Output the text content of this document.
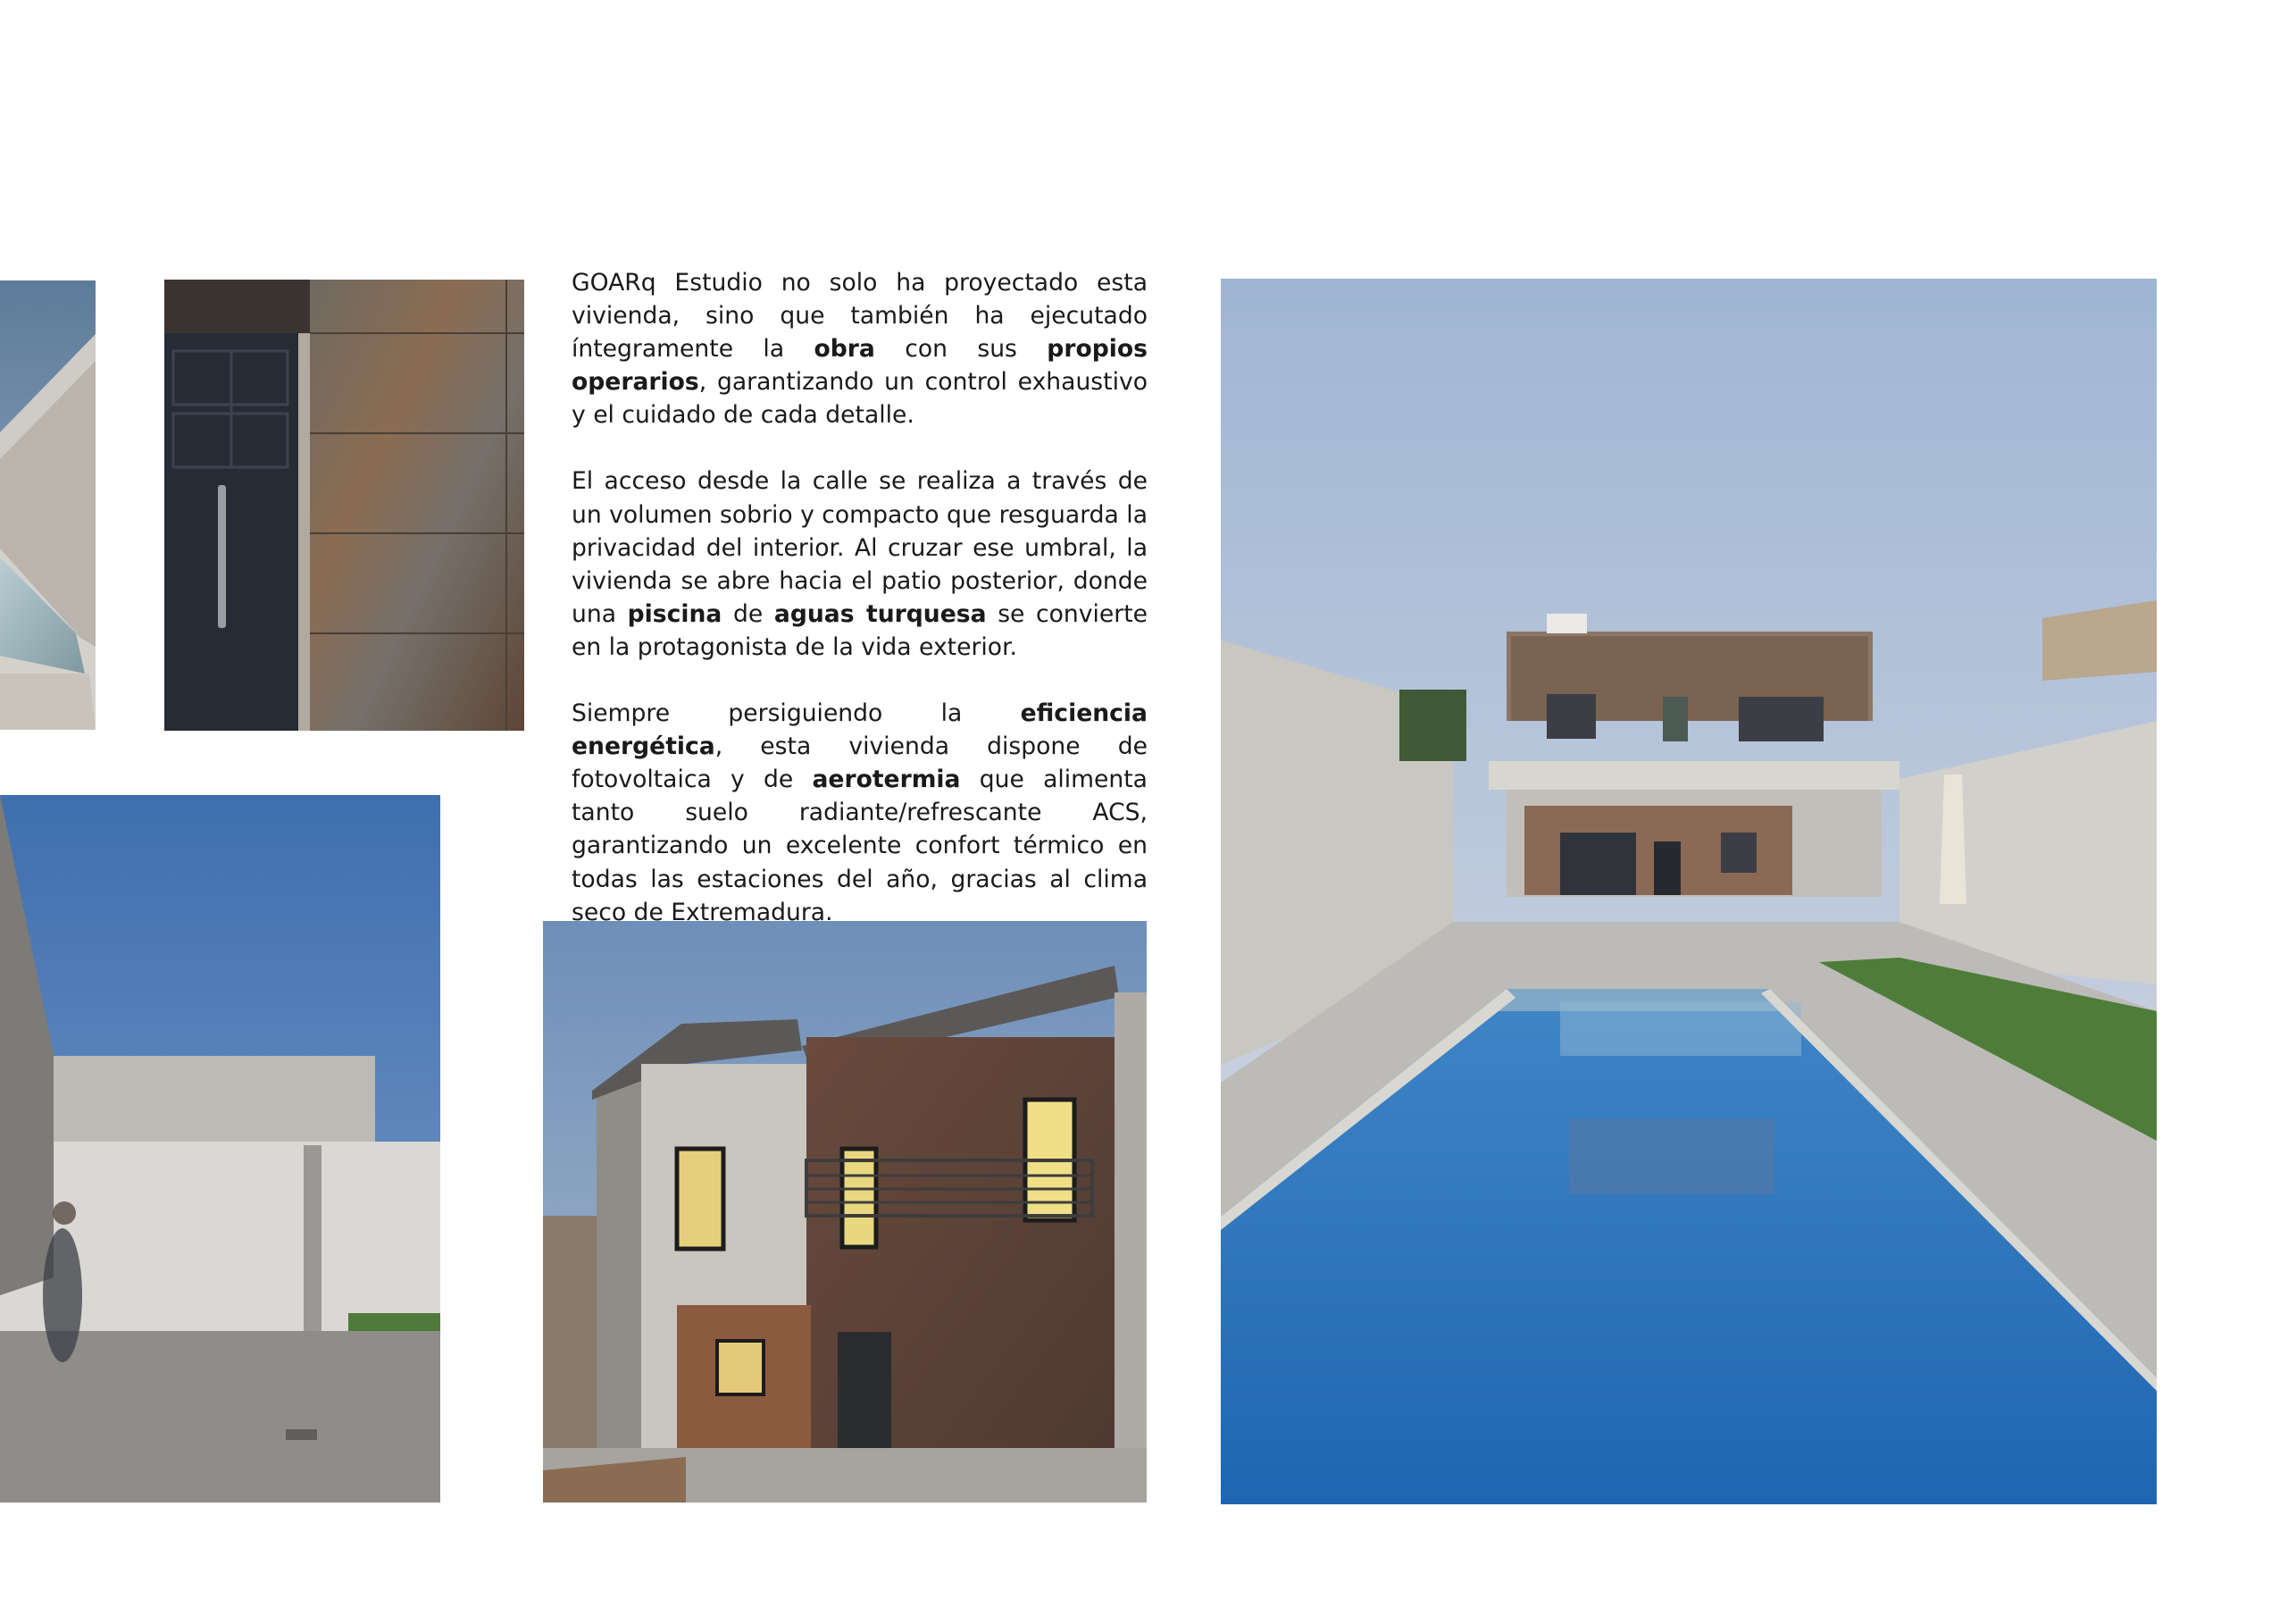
GOARq Estudio no solo ha proyectado esta vivienda, sino que también ha ejecutado íntegramente la obra con sus propios operarios, garantizando un control exhaustivo y el cuidado de cada detalle.

El acceso desde la calle se realiza a través de un volumen sobrio y compacto que resguarda la privacidad del interior. Al cruzar ese umbral, la vivienda se abre hacia el patio posterior, donde una piscina de aguas turquesa se convierte en la protagonista de la vida exterior.

Siempre persiguiendo la eficiencia energética, esta vivienda dispone de fotovoltaica y de aerotermia que alimenta tanto suelo radiante/refrescante ACS, garantizando un excelente confort térmico en todas las estaciones del año, gracias al clima seco de Extremadura.
